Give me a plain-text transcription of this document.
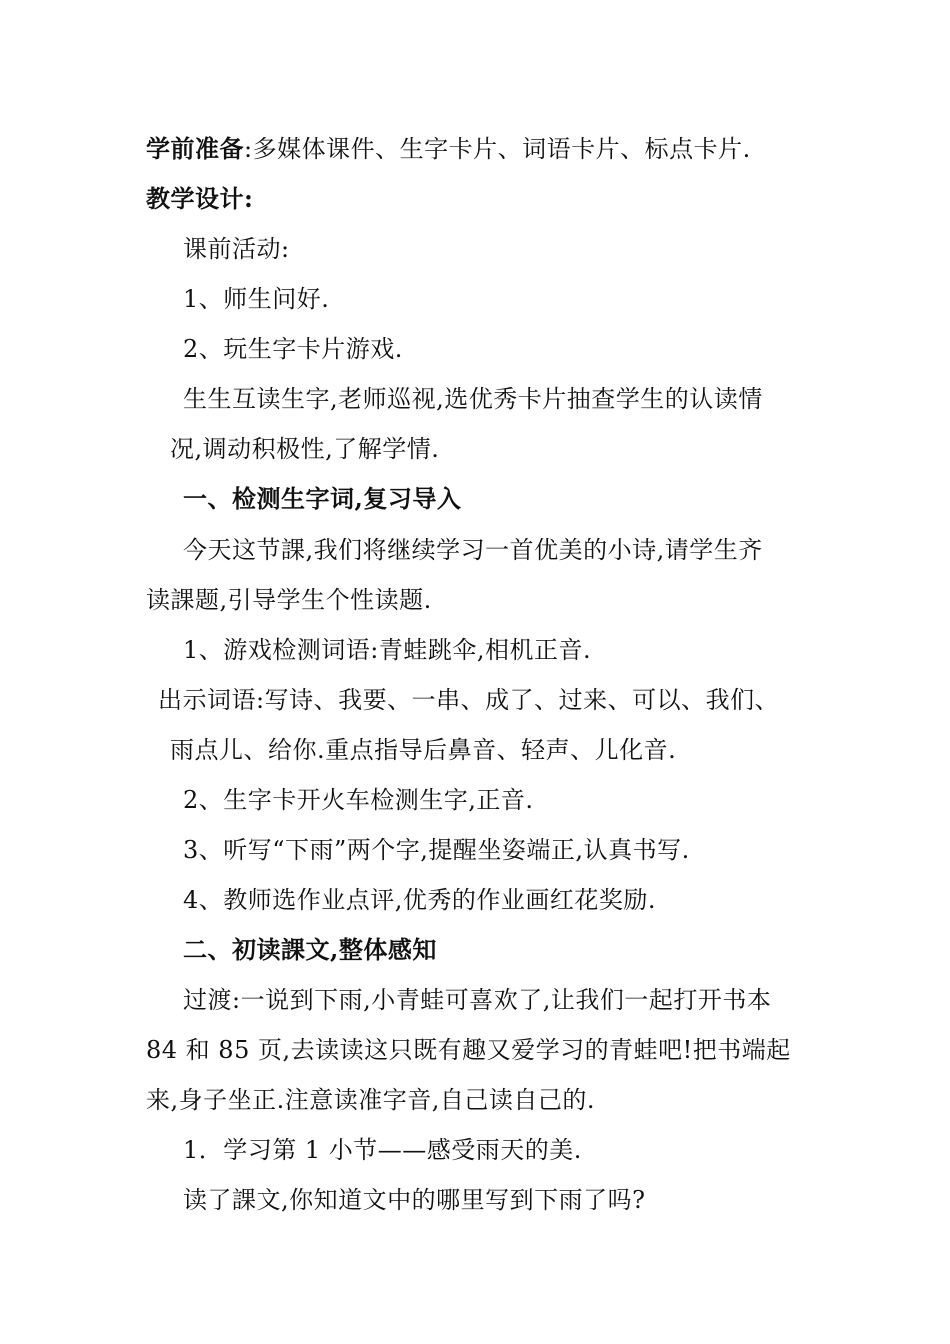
学前准备:多媒体课件、生字卡片、词语卡片、标点卡片.
教学设计:
课前活动:
1、师生问好.
2、玩生字卡片游戏.
生生互读生字,老师巡视,选优秀卡片抽查学生的认读情
况,调动积极性,了解学情.
一、检测生字词,复习导入
今天这节課,我们将继续学习一首优美的小诗,请学生齐
读課题,引导学生个性读题.
1、游戏检测词语:青蛙跳伞,相机正音.
出示词语:写诗、我要、一串、成了、过来、可以、我们、
雨点儿、给你.重点指导后鼻音、轻声、儿化音.
2、生字卡开火车检测生字,正音.
3、听写“下雨”两个字,提醒坐姿端正,认真书写.
4、教师选作业点评,优秀的作业画红花奖励.
二、初读課文,整体感知
过渡:一说到下雨,小青蛙可喜欢了,让我们一起打开书本
84 和 85 页,去读读这只既有趣又爱学习的青蛙吧!把书端起
来,身子坐正.注意读准字音,自己读自己的.
1．学习第 1 小节——感受雨天的美.
读了課文,你知道文中的哪里写到下雨了吗?
